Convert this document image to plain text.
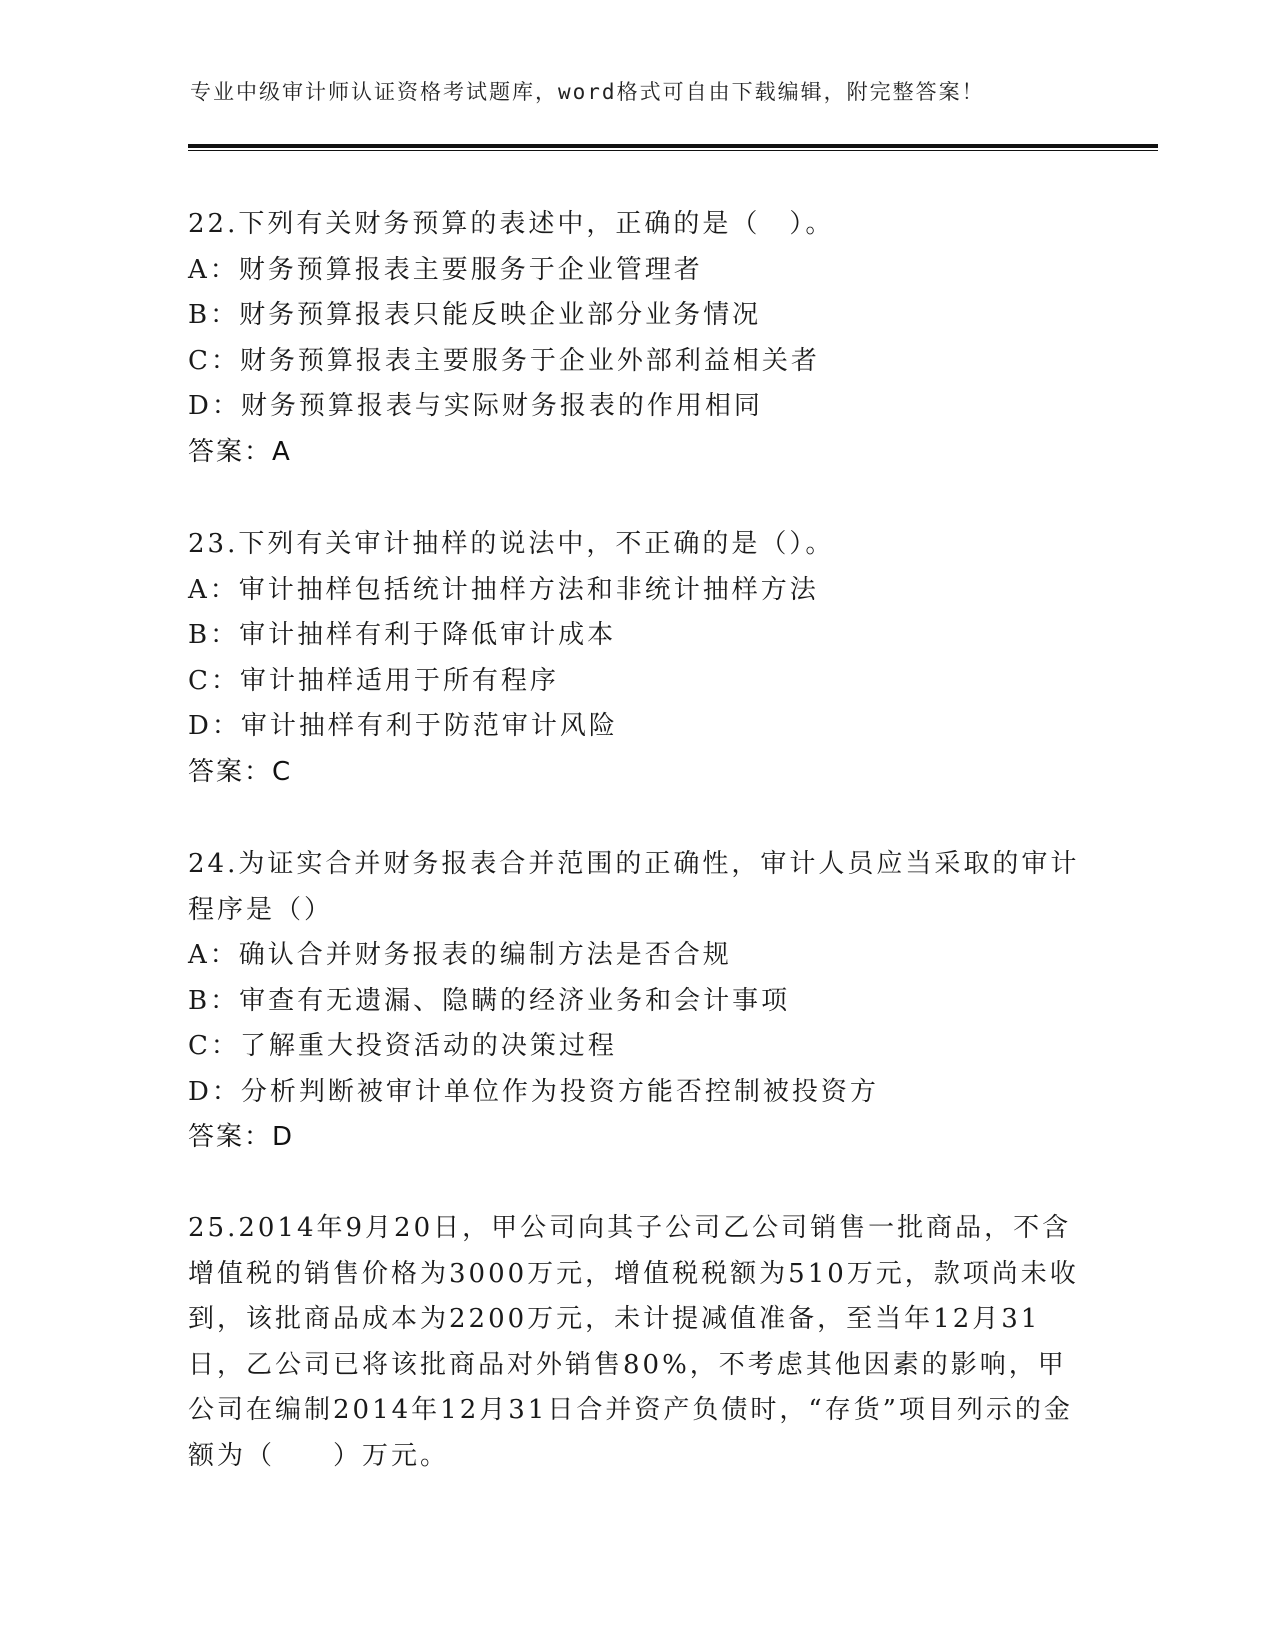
专业中级审计师认证资格考试题库，word格式可自由下载编辑，附完整答案！
22.下列有关财务预算的表述中，正确的是（　）。
A：财务预算报表主要服务于企业管理者
B：财务预算报表只能反映企业部分业务情况
C：财务预算报表主要服务于企业外部利益相关者
D：财务预算报表与实际财务报表的作用相同
答案：A
23.下列有关审计抽样的说法中，不正确的是（）。
A：审计抽样包括统计抽样方法和非统计抽样方法
B：审计抽样有利于降低审计成本
C：审计抽样适用于所有程序
D：审计抽样有利于防范审计风险
答案：C
24.为证实合并财务报表合并范围的正确性，审计人员应当采取的审计程序是（）
A：确认合并财务报表的编制方法是否合规
B：审查有无遗漏、隐瞒的经济业务和会计事项
C：了解重大投资活动的决策过程
D：分析判断被审计单位作为投资方能否控制被投资方
答案：D
25.2014年9月20日，甲公司向其子公司乙公司销售一批商品，不含增值税的销售价格为3000万元，增值税税额为510万元，款项尚未收到，该批商品成本为2200万元，未计提减值准备，至当年12月31日，乙公司已将该批商品对外销售80%，不考虑其他因素的影响，甲公司在编制2014年12月31日合并资产负债时，“存货”项目列示的金额为（　　）万元。
